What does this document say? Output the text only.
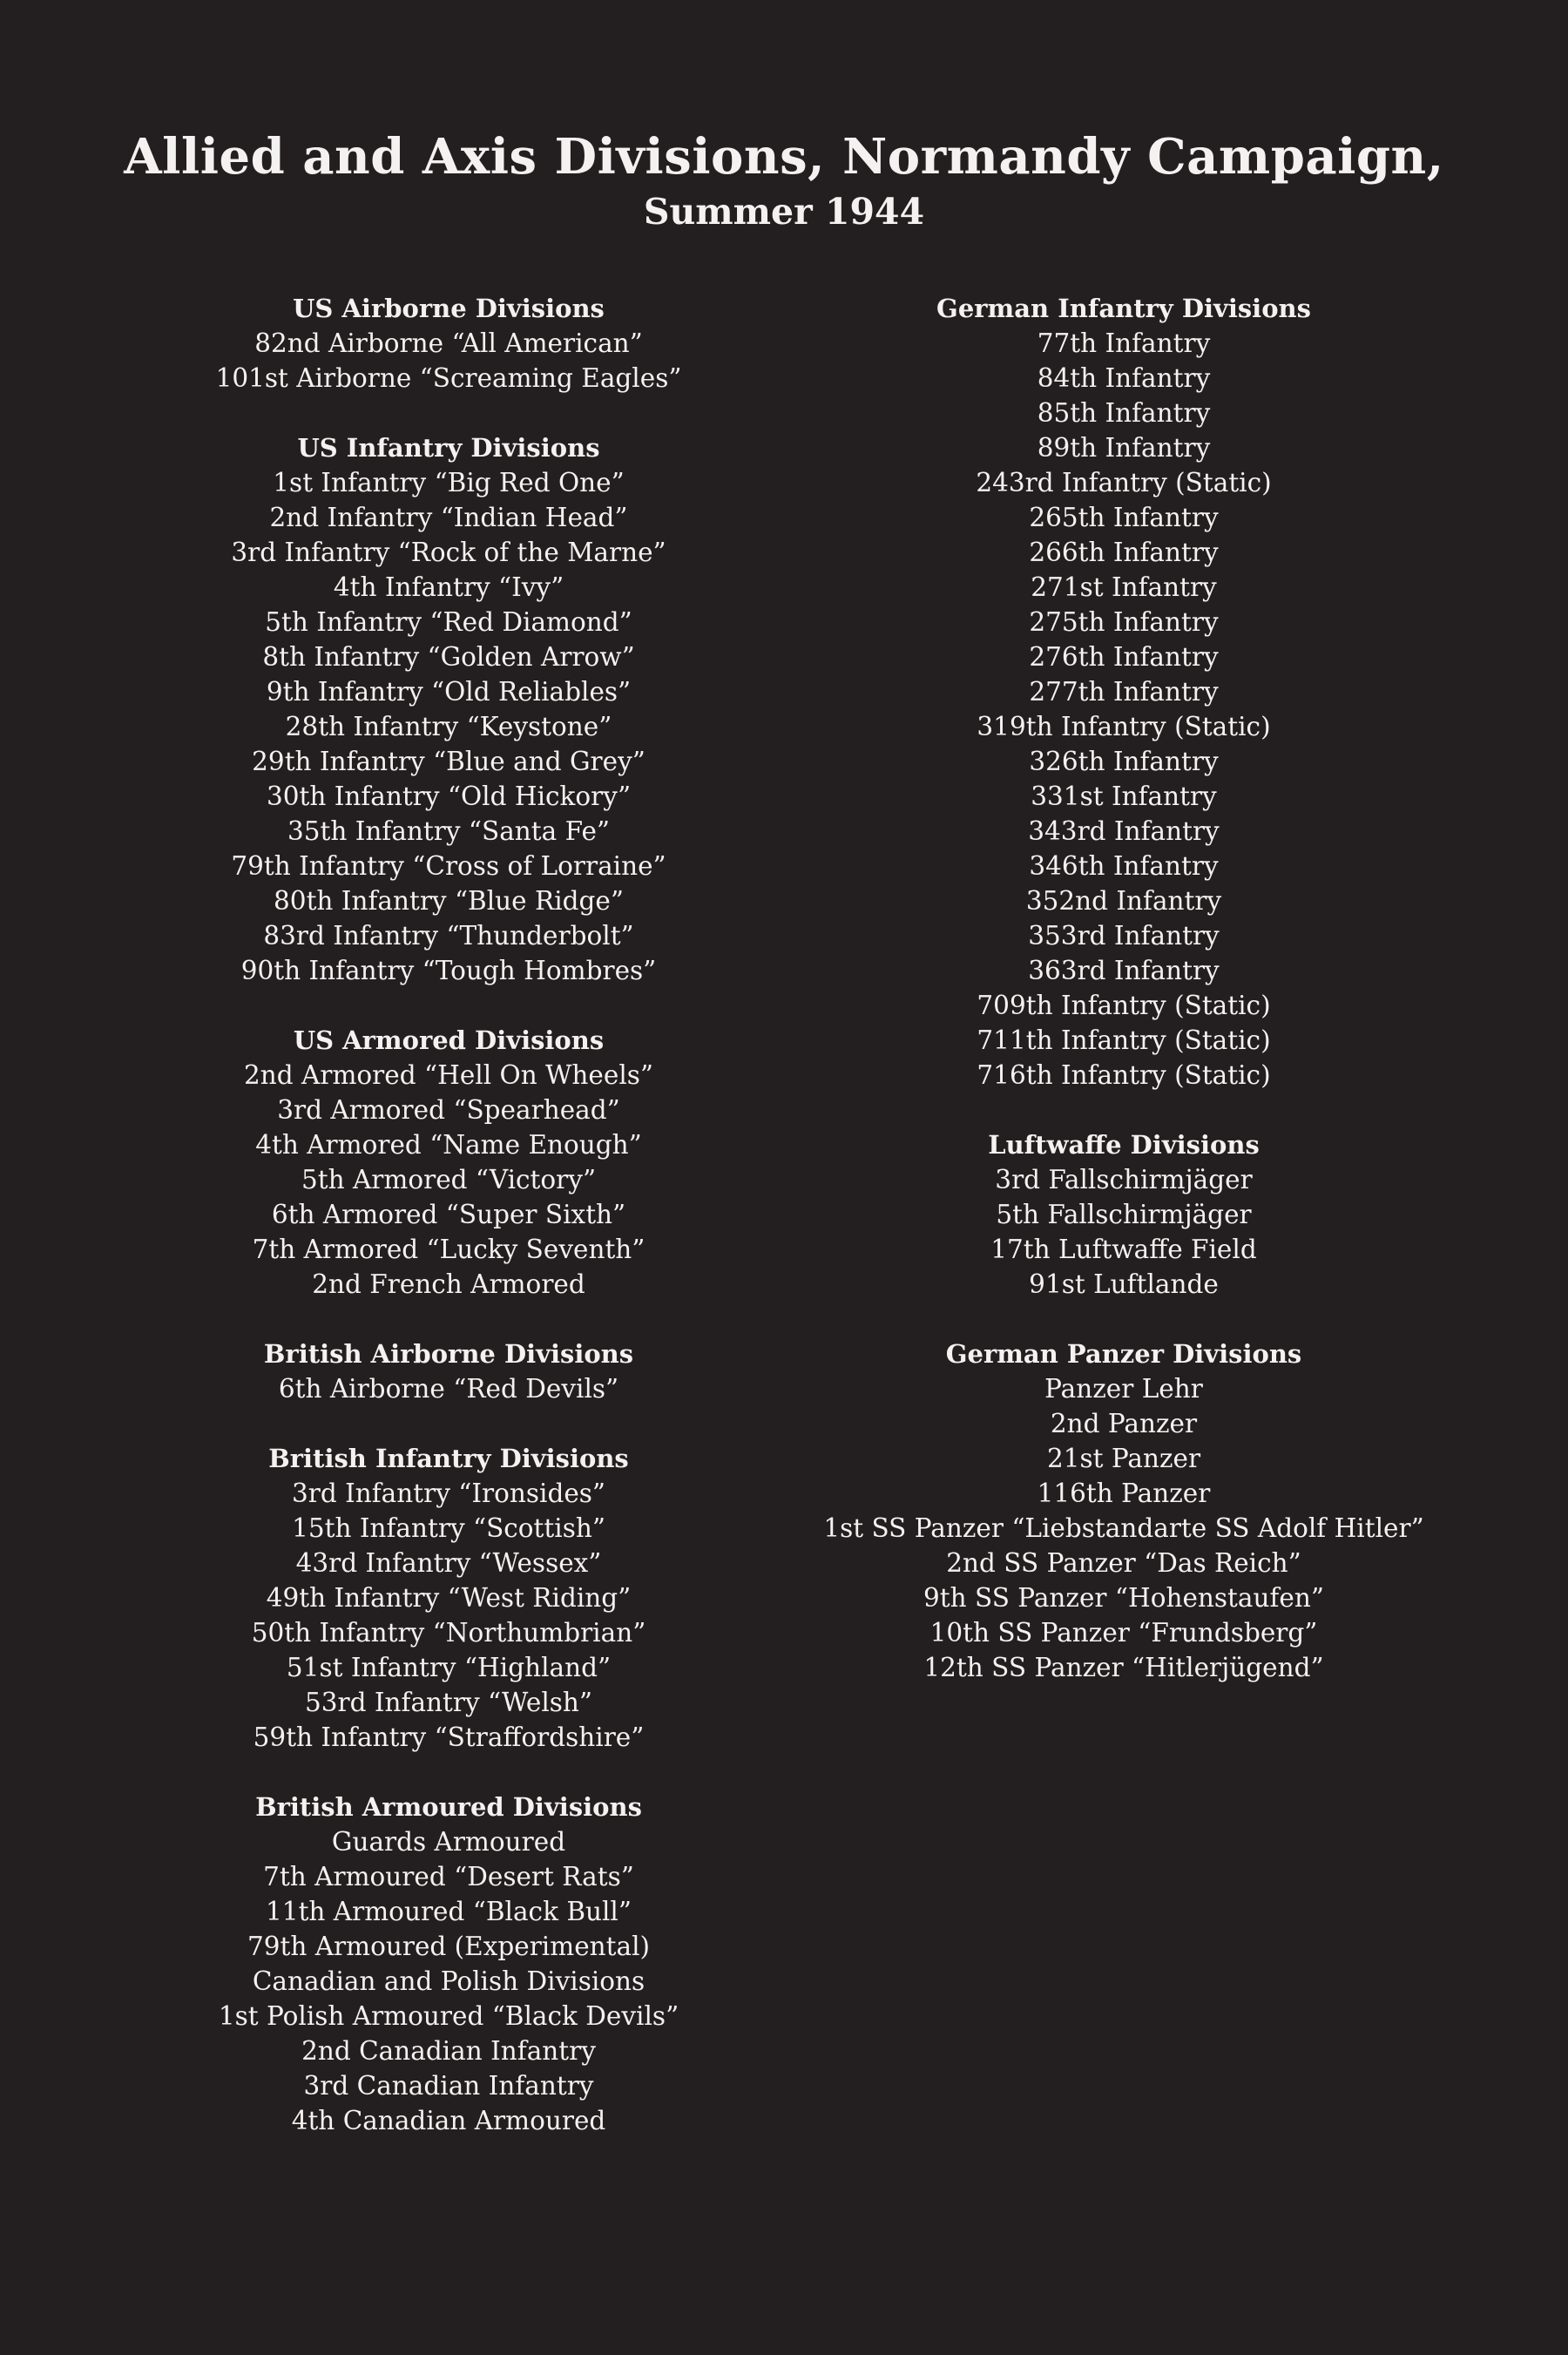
Allied and Axis Divisions, Normandy Campaign,
Summer 1944
US Airborne Divisions
82nd Airborne “All American”
101st Airborne “Screaming Eagles”
US Infantry Divisions
1st Infantry “Big Red One”
2nd Infantry “Indian Head”
3rd Infantry “Rock of the Marne”
4th Infantry “Ivy”
5th Infantry “Red Diamond”
8th Infantry “Golden Arrow”
9th Infantry “Old Reliables”
28th Infantry “Keystone”
29th Infantry “Blue and Grey”
30th Infantry “Old Hickory”
35th Infantry “Santa Fe”
79th Infantry “Cross of Lorraine”
80th Infantry “Blue Ridge”
83rd Infantry “Thunderbolt”
90th Infantry “Tough Hombres”
US Armored Divisions
2nd Armored “Hell On Wheels”
3rd Armored “Spearhead”
4th Armored “Name Enough”
5th Armored “Victory”
6th Armored “Super Sixth”
7th Armored “Lucky Seventh”
2nd French Armored
British Airborne Divisions
6th Airborne “Red Devils”
British Infantry Divisions
3rd Infantry “Ironsides”
15th Infantry “Scottish”
43rd Infantry “Wessex”
49th Infantry “West Riding”
50th Infantry “Northumbrian”
51st Infantry “Highland”
53rd Infantry “Welsh”
59th Infantry “Straffordshire”
British Armoured Divisions
Guards Armoured
7th Armoured “Desert Rats”
11th Armoured “Black Bull”
79th Armoured (Experimental)
Canadian and Polish Divisions
1st Polish Armoured “Black Devils”
2nd Canadian Infantry
3rd Canadian Infantry
4th Canadian Armoured
German Infantry Divisions
77th Infantry
84th Infantry
85th Infantry
89th Infantry
243rd Infantry (Static)
265th Infantry
266th Infantry
271st Infantry
275th Infantry
276th Infantry
277th Infantry
319th Infantry (Static)
326th Infantry
331st Infantry
343rd Infantry
346th Infantry
352nd Infantry
353rd Infantry
363rd Infantry
709th Infantry (Static)
711th Infantry (Static)
716th Infantry (Static)
Luftwaffe Divisions
3rd Fallschirmjäger
5th Fallschirmjäger
17th Luftwaffe Field
91st Luftlande
German Panzer Divisions
Panzer Lehr
2nd Panzer
21st Panzer
116th Panzer
1st SS Panzer “Liebstandarte SS Adolf Hitler”
2nd SS Panzer “Das Reich”
9th SS Panzer “Hohenstaufen”
10th SS Panzer “Frundsberg”
12th SS Panzer “Hitlerjügend”
